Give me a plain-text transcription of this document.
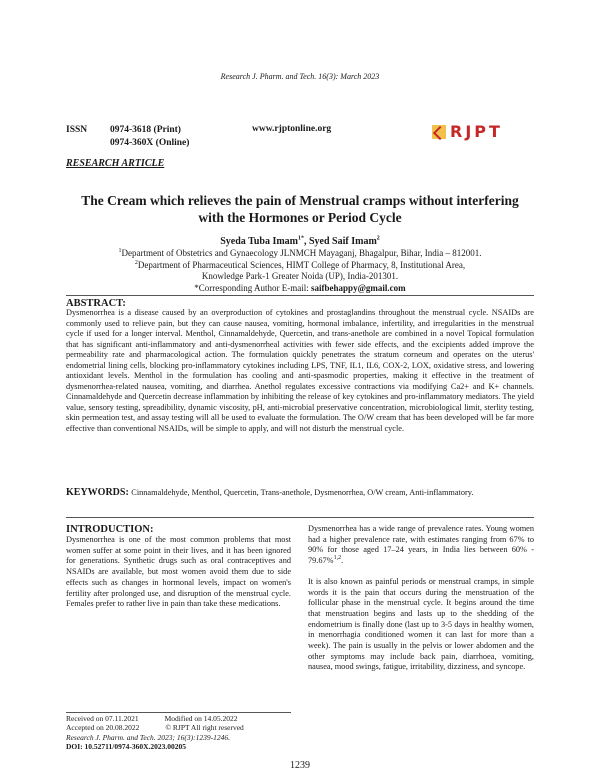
Research J. Pharm. and Tech. 16(3): March 2023
ISSN 0974-3618 (Print)
0974-360X (Online)
www.rjptonline.org	RJPT
RESEARCH ARTICLE
The Cream which relieves the pain of Menstrual cramps without interfering with the Hormones or Period Cycle
Syeda Tuba Imam$^{1*}$, Syed Saif Imam$^2$

$^1$Department of Obstetrics and Gynaecology JLNMCH Mayaganj, Bhagalpur, Bihar, India – 812001.

$^2$Department of Pharmaceutical Sciences, HIMT College of Pharmacy, 8, Institutional Area,

Knowledge Park-1 Greater Noida (UP), India-201301.

*Corresponding Author E-mail: saifbehappy@gmail.com

ABSTRACT:
Dysmenorrhea is a disease caused by an overproduction of cytokines and prostaglandins throughout the menstrual cycle. NSAIDs are commonly used to relieve pain, but they can cause nausea, vomiting, hormonal imbalance, infertility, and irregularities in the menstrual cycle if used for a longer interval. Menthol, Cinnamaldehyde, Quercetin, and trans-anethole are combined in a novel Topical formulation that has significant anti-inflammatory and anti-dysmenorrheal activities with fewer side effects, and the excipients added improve the permeability rate and pharmacological action. The formulation quickly penetrates the stratum corneum and operates on the uterus' endometrial lining cells, blocking pro-inflammatory cytokines including LPS, TNF, IL1, IL6, COX-2, LOX, oxidative stress, and lowering antioxidant levels. Menthol in the formulation has cooling and anti-spasmodic properties, making it effective in the treatment of dysmenorrhea-related nausea, vomiting, and diarrhea. Anethol regulates excessive contractions via modifying Ca2+ and K+ channels. Cinnamaldehyde and Quercetin decrease inflammation by inhibiting the release of key cytokines and pro-inflammatory mediators. The yield value, sensory testing, spreadibility, dynamic viscosity, pH, anti-microbial preservative concentration, microbiological limit, sterlity testing, skin permeation test, and assay testing will all be used to evaluate the formulation. The O/W cream that has been developed will be far more effective than conventional NSAIDs, will be simple to apply, and will not disturb the menstrual cycle.
KEYWORDS: Cinnamaldehyde, Menthol, Quercetin, Trans-anethole, Dysmenorrhea, O/W cream, Anti-inflammatory.
INTRODUCTION:
Dysmenorrhea is one of the most common problems that most women suffer at some point in their lives, and it has been ignored for generations. Synthetic drugs such as oral contraceptives and NSAIDs are available, but most women avoid them due to side effects such as changes in hormonal levels, impact on women's fertility after prolonged use, and disruption of the menstrual cycle. Females prefer to rather live in pain than take these medications.

Dysmenorrhea has a wide range of prevalence rates. Young women had a higher prevalence rate, with estimates ranging from 67% to 90% for those aged 17–24 years, in India lies between 60% - 79.67%$^{1,2}$.

It is also known as painful periods or menstrual cramps, in simple words it is the pain that occurs during the menstruation of the follicular phase in the menstrual cycle. It begins around the time that menstruation begins and lasts up to the shedding of the endometrium is finally done (last up to 3-5 days in healthy women, in menorrhagia conditioned women it can last for more than a week). The pain is usually in the pelvis or lower abdomen and the other symptoms may include back pain, diarrhoea, vomiting, nausea, mood swings, fatigue, irritability, dizziness, and syncope.

Received on 07.11.2021	Modified on 14.05.2022
Accepted on 20.08.2022	© RJPT All right reserved
Research J. Pharm. and Tech. 2023; 16(3):1239-1246.
DOI: 10.52711/0974-360X.2023.00205
1239
